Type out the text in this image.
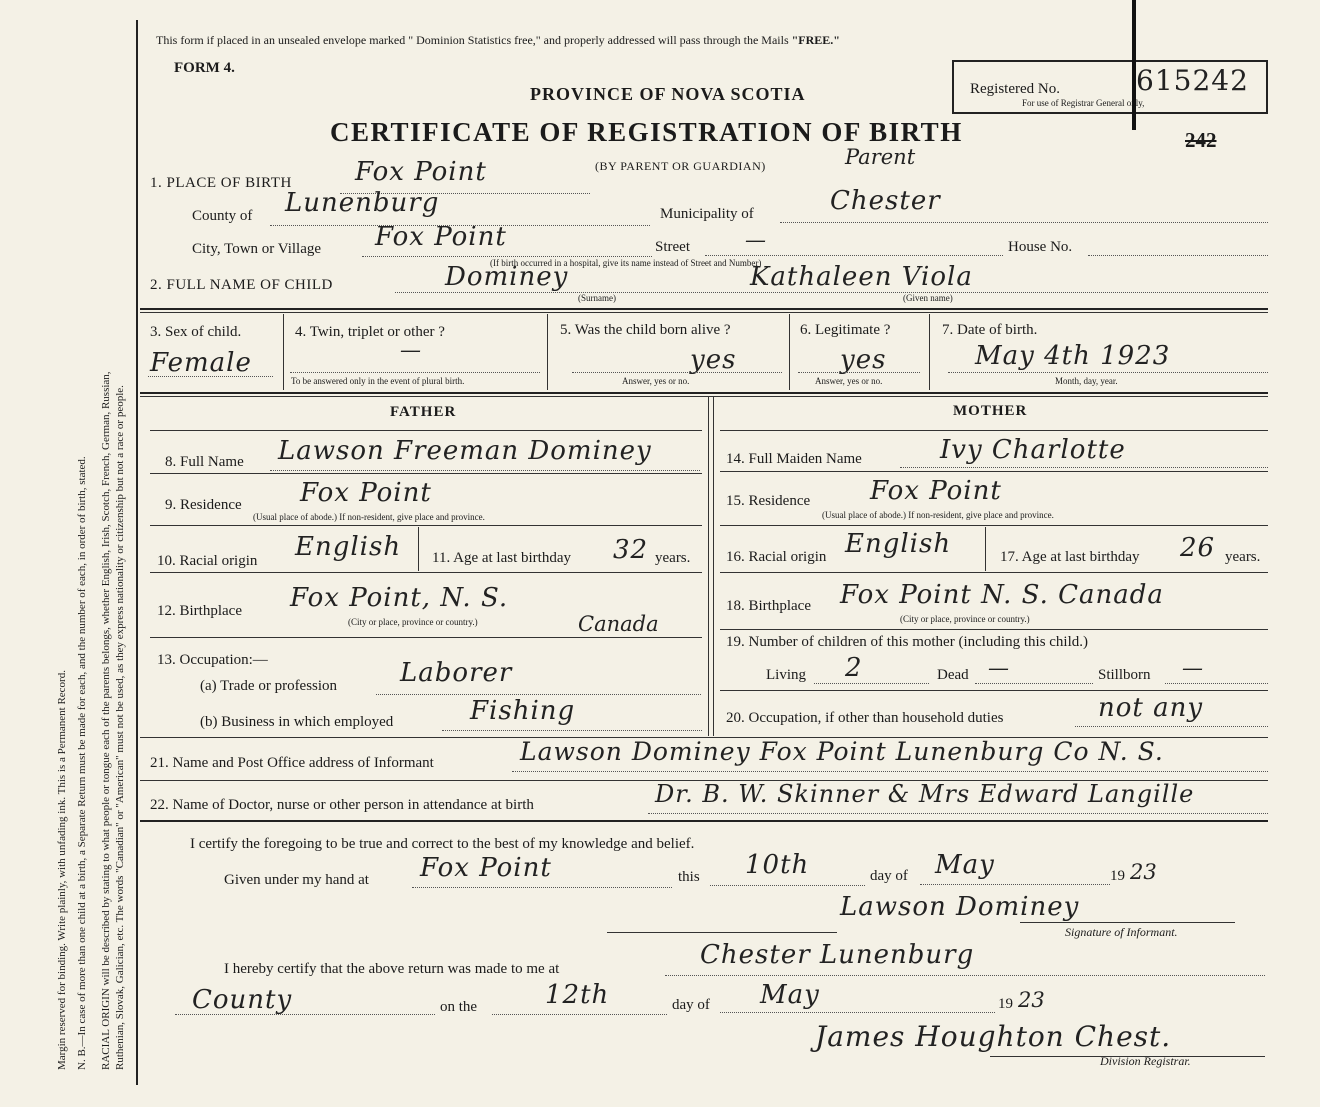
Margin reserved for binding. Write plainly, with unfading ink. This is a Permanent Record. N. B.—In case of more than one child at a birth, a Separate Return must be made for each, and the number of each, in order of birth, stated. RACIAL ORIGIN will be described by stating to what people or tongue each of the parents belongs, whether English, Irish, Scotch, French, German, Russian, Ruthenian, Slovak, Galician, etc. The words "Canadian" or "American" must not be used, as they express nationality or citizenship but not a race or people.
This form if placed in an unsealed envelope marked " Dominion Statistics free," and properly addressed will pass through the Mails "FREE."
FORM 4.
PROVINCE OF NOVA SCOTIA
CERTIFICATE OF REGISTRATION OF BIRTH
(BY PARENT OR GUARDIAN)	Parent
Registered No.
For use of Registrar General only,
615242
242
1. PLACE OF BIRTH Fox Point
County of Lunenburg	Municipality of	Chester
City, Town or Village Fox Point	Street	—	House No.
(If birth occurred in a hospital, give its name instead of Street and Number)
2. FULL NAME OF CHILD	Dominey
(Surname)
Kathaleen Viola
(Given name)
3. Sex of child.
Female
4. Twin, triplet or other ?
—
To be answered only in the event of plural birth.
5. Was the child born alive ?
yes
Answer, yes or no.
6. Legitimate ?
yes
Answer, yes or no.
7. Date of birth.
May 4th 1923
Month, day, year.
FATHER	MOTHER
8. Full Name Lawson Freeman Dominey
9. Residence Fox Point
(Usual place of abode.) If non-resident, give place and province.
10. Racial origin English 11. Age at last birthday 32 years.
12. Birthplace Fox Point, N. S.
(City or place, province or country.)	Canada
13. Occupation:—
(a) Trade or profession Laborer
(b) Business in which employed	Fishing
14. Full Maiden Name	Ivy Charlotte
15. Residence Fox Point
(Usual place of abode.) If non-resident, give place and province.
16. Racial origin English	17. Age at last birthday 26 years.
18. Birthplace Fox Point N. S. Canada
(City or place, province or country.)
19. Number of children of this mother (including this child.)
Living 2	Dead —	Stillborn —
20. Occupation, if other than household duties	not any
21. Name and Post Office address of Informant	Lawson Dominey Fox Point Lunenburg Co N. S.
22. Name of Doctor, nurse or other person in attendance at birth	Dr. B. W. Skinner & Mrs Edward Langille
I certify the foregoing to be true and correct to the best of my knowledge and belief.
Given under my hand at Fox Point	this 10th	day of May	19 23
Lawson Dominey
Signature of Informant.
I hereby certify that the above return was made to me at	Chester Lunenburg
County	on the	12th	day of May	19 23
James Houghton Chest.
Division Registrar.
